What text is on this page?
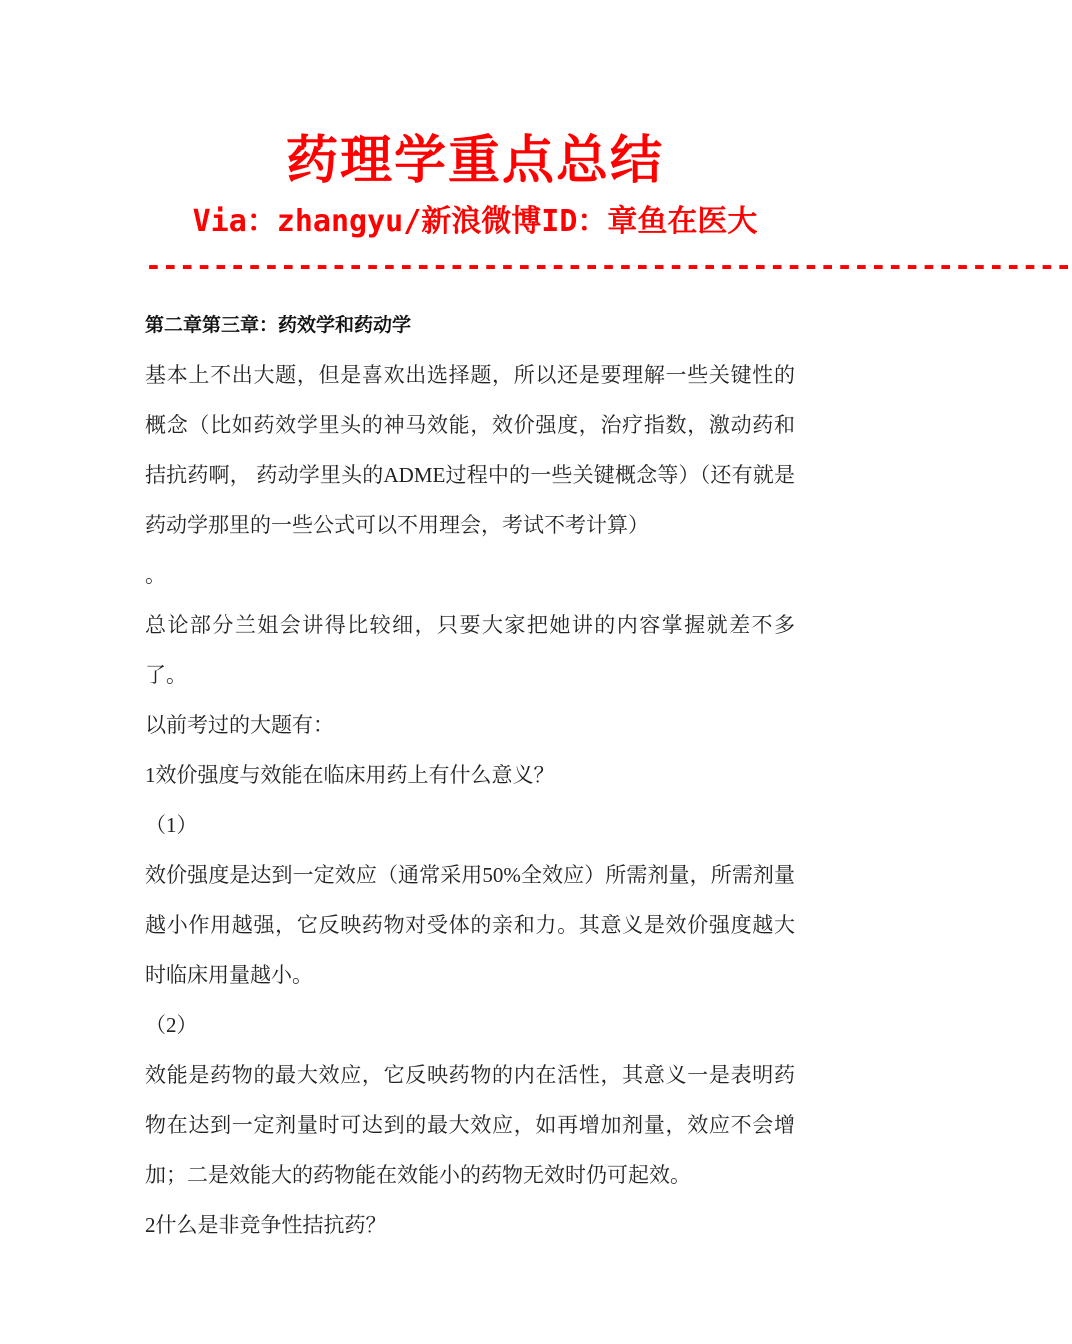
药理学重点总结
Via：zhangyu/新浪微博ID：章鱼在医大
-------------------------------------------------------

第二章第三章：药效学和药动学

基本上不出大题，但是喜欢出选择题，所以还是要理解一些关键性的概念（比如药效学里头的神马效能，效价强度，治疗指数，激动药和拮抗药啊， 药动学里头的ADME过程中的一些关键概念等）（还有就是药动学那里的一些公式可以不用理会，考试不考计算）

。

总论部分兰姐会讲得比较细，只要大家把她讲的内容掌握就差不多了。

以前考过的大题有：

1效价强度与效能在临床用药上有什么意义？

（1）

效价强度是达到一定效应（通常采用50%全效应）所需剂量，所需剂量越小作用越强，它反映药物对受体的亲和力。其意义是效价强度越大时临床用量越小。

（2）

效能是药物的最大效应，它反映药物的内在活性，其意义一是表明药物在达到一定剂量时可达到的最大效应，如再增加剂量，效应不会增加；二是效能大的药物能在效能小的药物无效时仍可起效。

2什么是非竞争性拮抗药？
